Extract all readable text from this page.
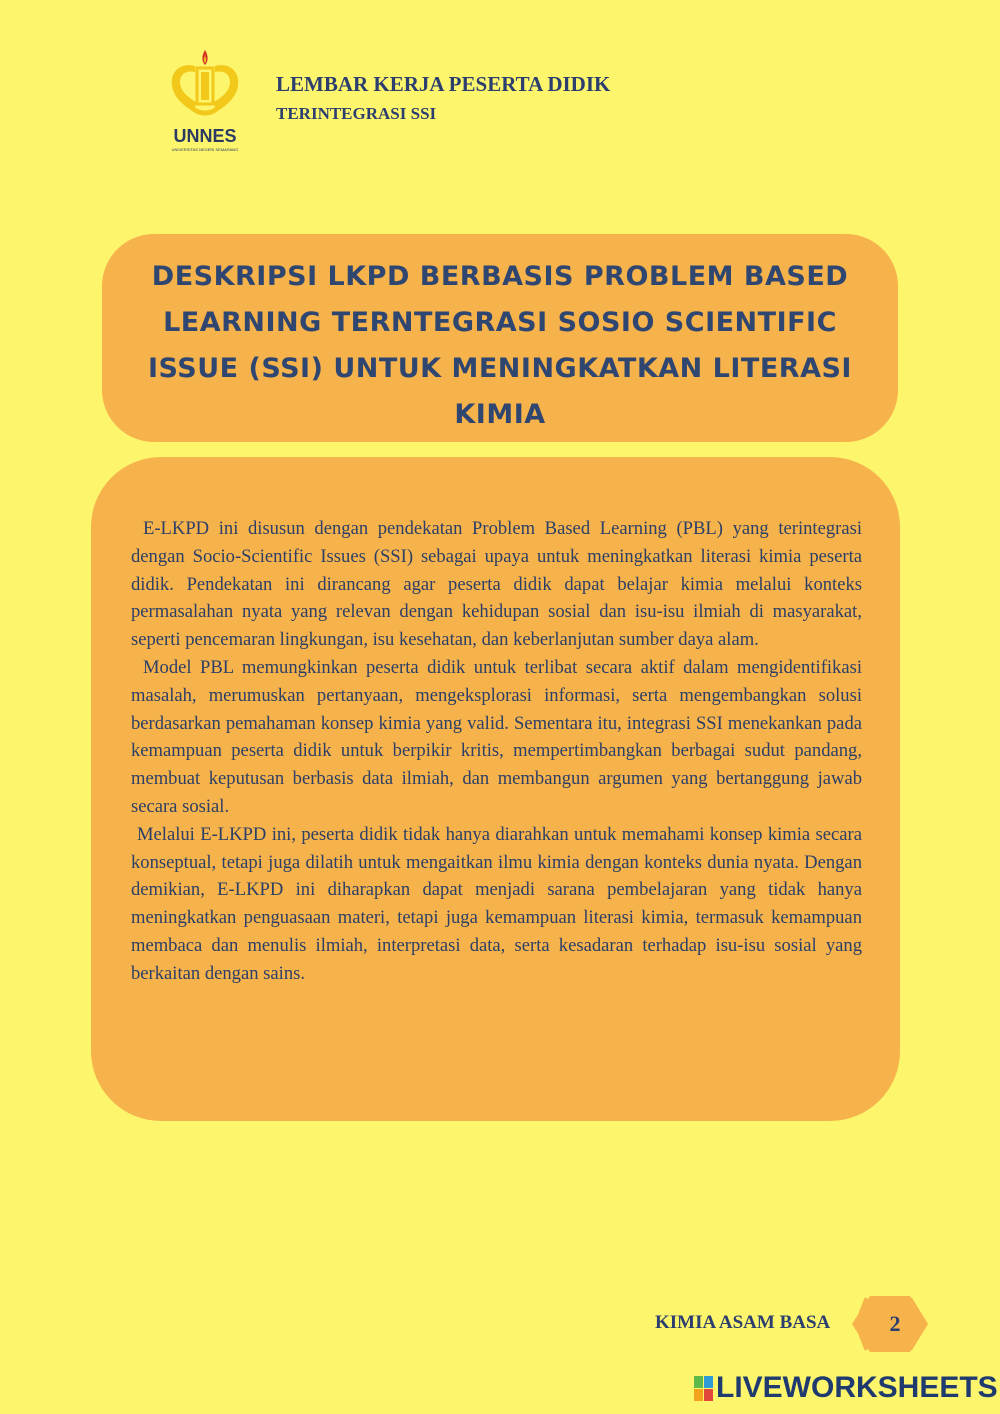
UNNES
UNIVERSITAS NEGERI SEMARANG
LEMBAR KERJA PESERTA DIDIK
TERINTEGRASI SSI
DESKRIPSI LKPD BERBASIS PROBLEM BASED
LEARNING TERNTEGRASI SOSIO SCIENTIFIC
ISSUE (SSI) UNTUK MENINGKATKAN LITERASI
KIMIA

E-LKPD ini disusun dengan pendekatan Problem Based Learning (PBL) yang terintegrasi dengan Socio-Scientific Issues (SSI) sebagai upaya untuk meningkatkan literasi kimia peserta didik. Pendekatan ini dirancang agar peserta didik dapat belajar kimia melalui konteks permasalahan nyata yang relevan dengan kehidupan sosial dan isu-isu ilmiah di masyarakat, seperti pencemaran lingkungan, isu kesehatan, dan keberlanjutan sumber daya alam.

Model PBL memungkinkan peserta didik untuk terlibat secara aktif dalam mengidentifikasi masalah, merumuskan pertanyaan, mengeksplorasi informasi, serta mengembangkan solusi berdasarkan pemahaman konsep kimia yang valid. Sementara itu, integrasi SSI menekankan pada kemampuan peserta didik untuk berpikir kritis, mempertimbangkan berbagai sudut pandang, membuat keputusan berbasis data ilmiah, dan membangun argumen yang bertanggung jawab secara sosial.

Melalui E-LKPD ini, peserta didik tidak hanya diarahkan untuk memahami konsep kimia secara konseptual, tetapi juga dilatih untuk mengaitkan ilmu kimia dengan konteks dunia nyata. Dengan demikian, E-LKPD ini diharapkan dapat menjadi sarana pembelajaran yang tidak hanya meningkatkan penguasaan materi, tetapi juga kemampuan literasi kimia, termasuk kemampuan membaca dan menulis ilmiah, interpretasi data, serta kesadaran terhadap isu-isu sosial yang berkaitan dengan sains.

KIMIA ASAM BASA	2
LIVEWORKSHEETS
